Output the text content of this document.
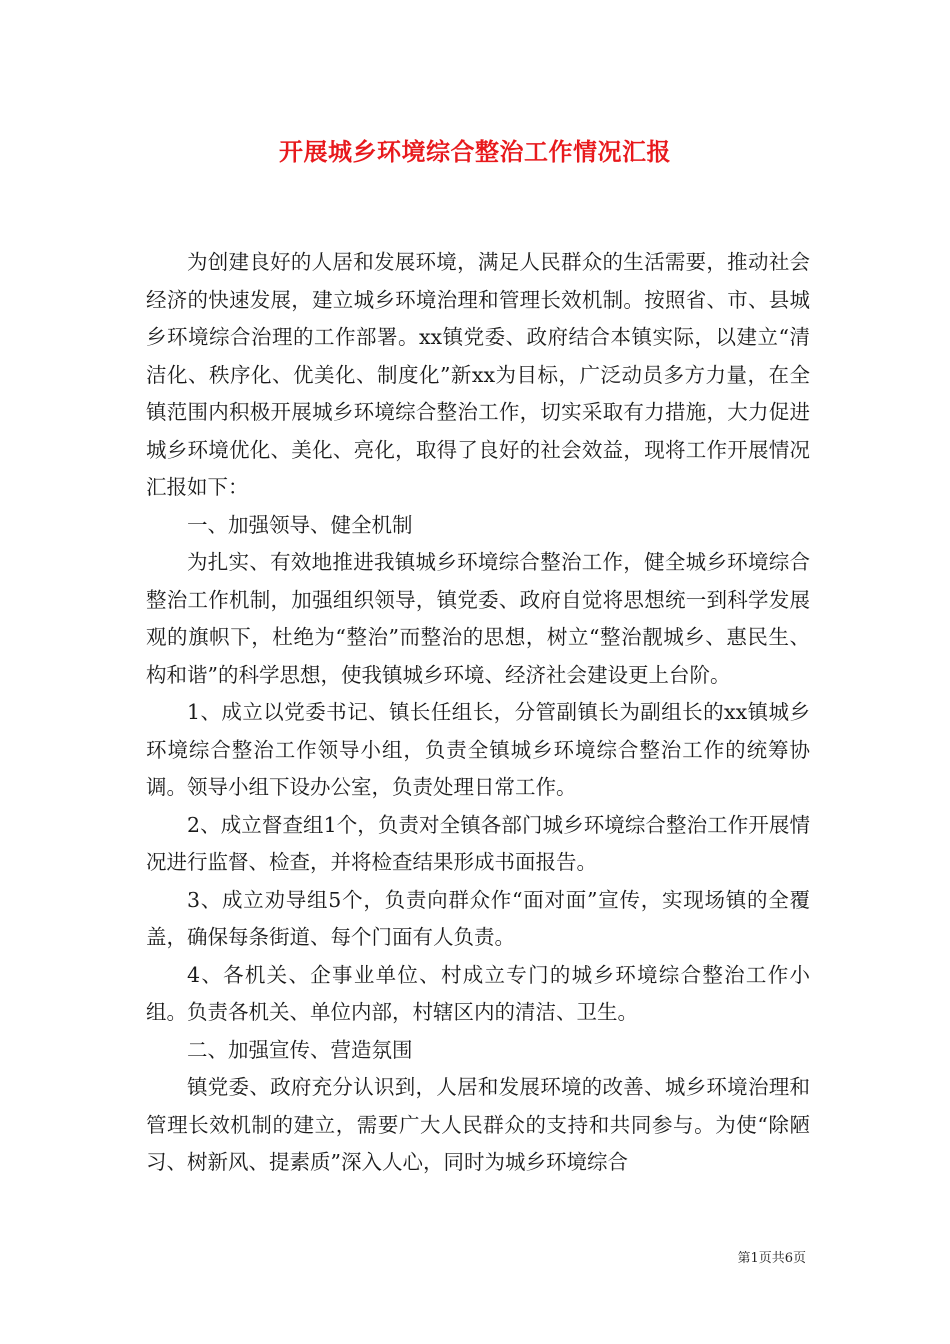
开展城乡环境综合整治工作情况汇报

为创建良好的人居和发展环境，满足人民群众的生活需要，推动社会经济的快速发展，建立城乡环境治理和管理长效机制。按照省、市、县城乡环境综合治理的工作部署。xx镇党委、政府结合本镇实际，以建立“清洁化、秩序化、优美化、制度化”新xx为目标，广泛动员多方力量，在全镇范围内积极开展城乡环境综合整治工作，切实采取有力措施，大力促进城乡环境优化、美化、亮化，取得了良好的社会效益，现将工作开展情况汇报如下：

一、加强领导、健全机制

为扎实、有效地推进我镇城乡环境综合整治工作，健全城乡环境综合整治工作机制，加强组织领导，镇党委、政府自觉将思想统一到科学发展观的旗帜下，杜绝为“整治”而整治的思想，树立“整治靓城乡、惠民生、构和谐”的科学思想，使我镇城乡环境、经济社会建设更上台阶。

1、成立以党委书记、镇长任组长，分管副镇长为副组长的xx镇城乡环境综合整治工作领导小组，负责全镇城乡环境综合整治工作的统筹协调。领导小组下设办公室，负责处理日常工作。

2、成立督查组1个，负责对全镇各部门城乡环境综合整治工作开展情况进行监督、检查，并将检查结果形成书面报告。

3、成立劝导组5个，负责向群众作“面对面”宣传，实现场镇的全覆盖，确保每条街道、每个门面有人负责。

4、各机关、企事业单位、村成立专门的城乡环境综合整治工作小组。负责各机关、单位内部，村辖区内的清洁、卫生。

二、加强宣传、营造氛围

镇党委、政府充分认识到，人居和发展环境的改善、城乡环境治理和管理长效机制的建立，需要广大人民群众的支持和共同参与。为使“除陋习、树新风、提素质”深入人心，同时为城乡环境综合

第1页共6页
